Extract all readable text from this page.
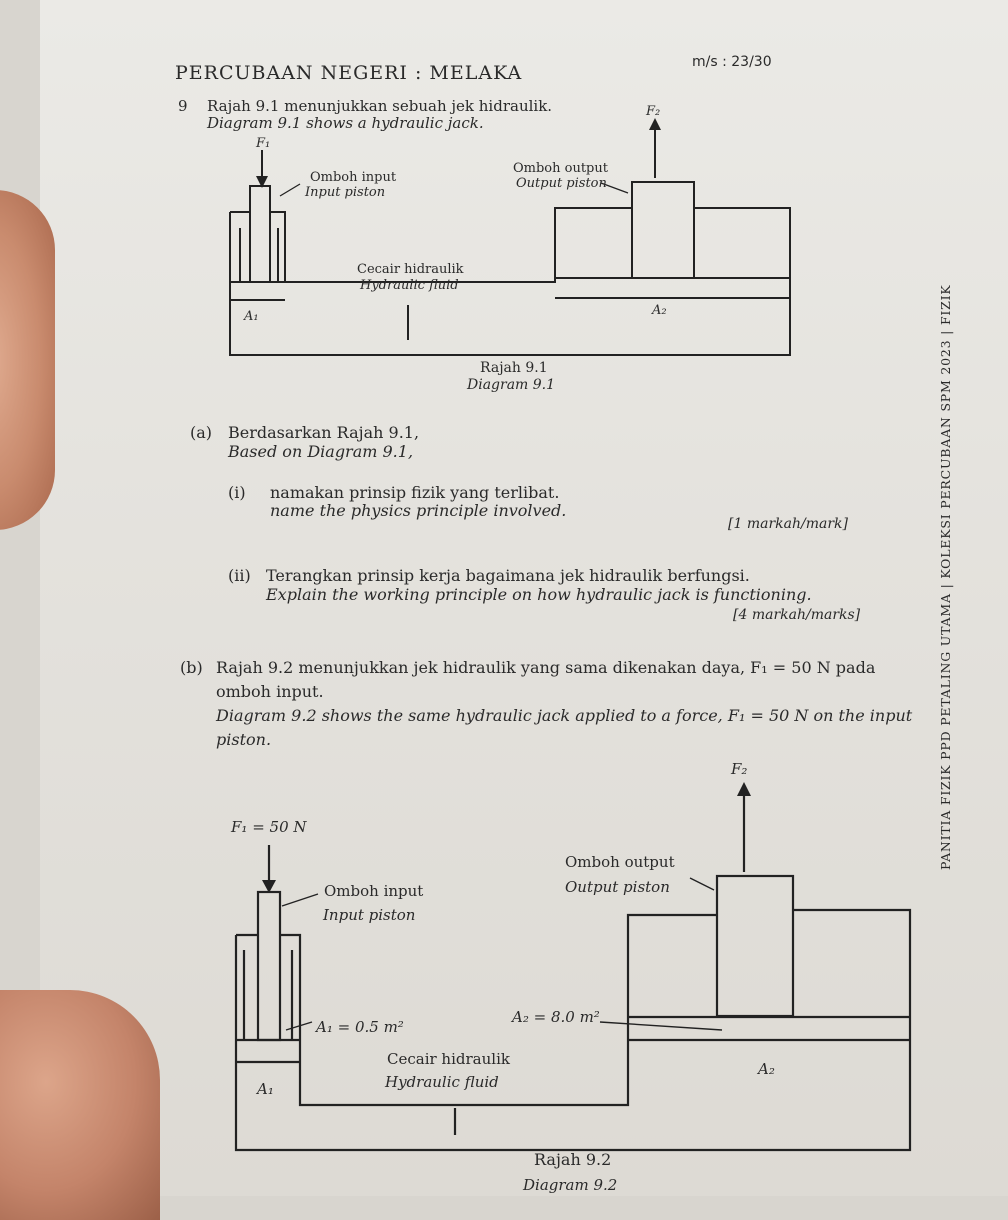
PERCUBAAN NEGERI : MELAKA	m/s : 23/30
9 Rajah 9.1 menunjukkan sebuah jek hidraulik.
Diagram 9.1 shows a hydraulic jack.
F₁
F₂
Omboh input
Input piston
Omboh output
Output piston
Cecair hidraulik
Hydraulic fluid
A₁	A₂
Rajah 9.1
Diagram 9.1
(a) Berdasarkan Rajah 9.1,
Based on Diagram 9.1,
(i) namakan prinsip fizik yang terlibat.
name the physics principle involved.
[1 markah/mark]
(ii) Terangkan prinsip kerja bagaimana jek hidraulik berfungsi.
Explain the working principle on how hydraulic jack is functioning.
[4 markah/marks]
(b) Rajah 9.2 menunjukkan jek hidraulik yang sama dikenakan daya, F₁ = 50 N pada
omboh input.
Diagram 9.2 shows the same hydraulic jack applied to a force, F₁ = 50 N on the input
piston.
F₁ = 50 N
F₂
Omboh input
Input piston
Omboh output
Output piston
A₁ = 0.5 m²
A₂ = 8.0 m²
Cecair hidraulik
Hydraulic fluid
A₁
A₂
Rajah 9.2
Diagram 9.2
PANITIA FIZIK PPD PETALING UTAMA | KOLEKSI PERCUBAAN SPM 2023 | FIZIK
